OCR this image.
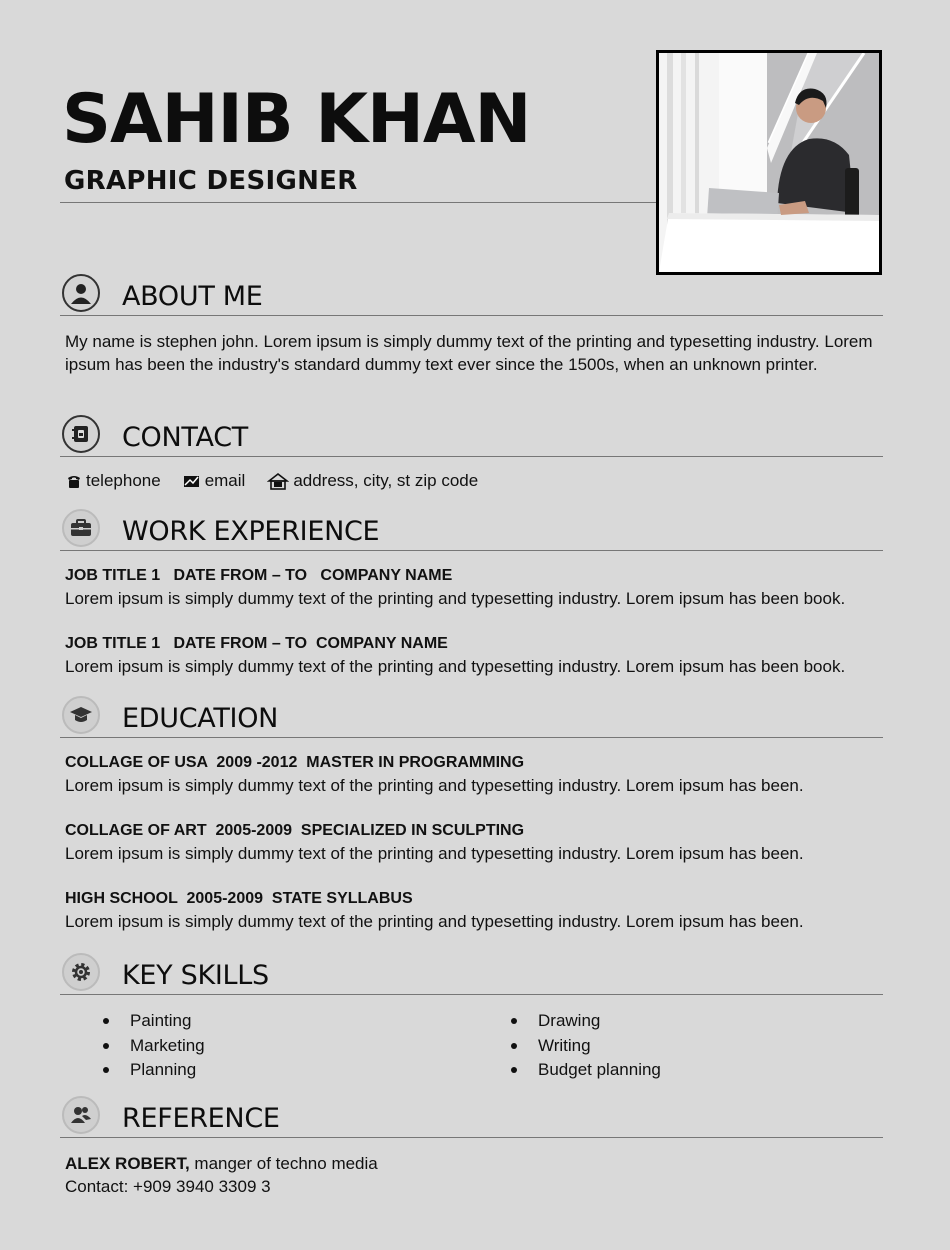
SAHIB KHAN
GRAPHIC DESIGNER
ABOUT ME

My name is stephen john. Lorem ipsum is simply dummy text of the printing and typesetting industry. Lorem ipsum has been the industry's standard dummy text ever since the 1500s, when an unknown printer.

CONTACT
telephone	email	address, city, st zip code
WORK EXPERIENCE
JOB TITLE 1   DATE FROM – TO   COMPANY NAME
Lorem ipsum is simply dummy text of the printing and typesetting industry. Lorem ipsum has been book.
JOB TITLE 1   DATE FROM – TO  COMPANY NAME
Lorem ipsum is simply dummy text of the printing and typesetting industry. Lorem ipsum has been book.
EDUCATION
COLLAGE OF USA  2009 -2012  MASTER IN PROGRAMMING
Lorem ipsum is simply dummy text of the printing and typesetting industry. Lorem ipsum has been.
COLLAGE OF ART  2005-2009  SPECIALIZED IN SCULPTING
Lorem ipsum is simply dummy text of the printing and typesetting industry. Lorem ipsum has been.
HIGH SCHOOL  2005-2009  STATE SYLLABUS
Lorem ipsum is simply dummy text of the printing and typesetting industry. Lorem ipsum has been.
KEY SKILLS
Painting
Marketing
Planning
Drawing
Writing
Budget planning
REFERENCE
ALEX ROBERT, manger of techno media
Contact: +909 3940 3309 3
